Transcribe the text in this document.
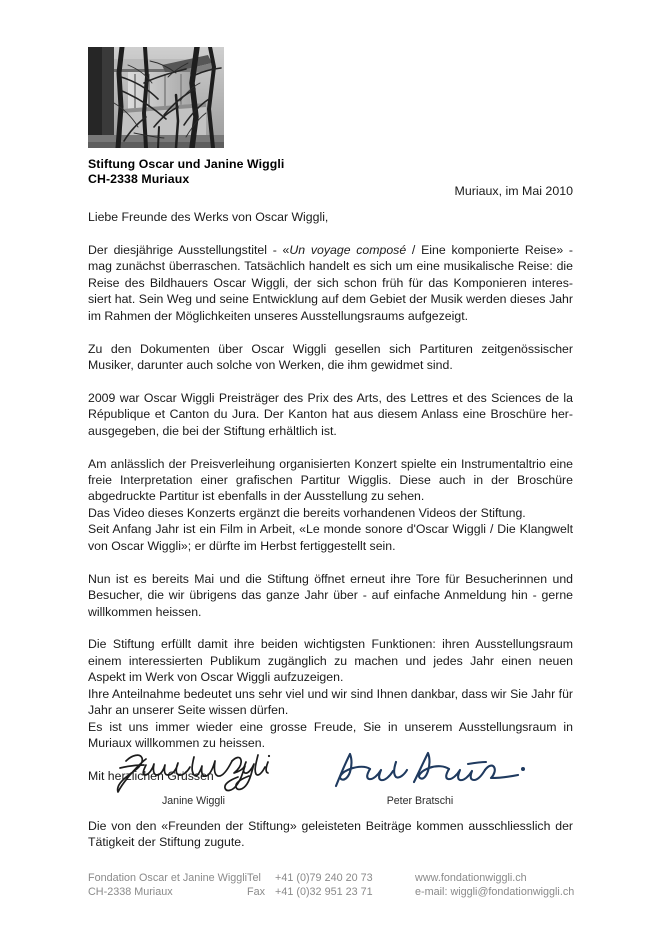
Stiftung Oscar und Janine Wiggli
CH-2338 Muriaux
Muriaux, im Mai 2010

Liebe Freunde des Werks von Oscar Wiggli,

Der diesjährige Ausstellungstitel - «Un voyage composé / Eine komponierte Reise» - mag zunächst überraschen. Tatsächlich handelt es sich um eine musikalische Reise: die Reise des Bildhauers Oscar Wiggli, der sich schon früh für das Komponieren interes-siert hat. Sein Weg und seine Entwicklung auf dem Gebiet der Musik werden dieses Jahr im Rahmen der Möglichkeiten unseres Ausstellungsraums aufgezeigt.

Zu den Dokumenten über Oscar Wiggli gesellen sich Partituren zeitgenössischer Musiker, darunter auch solche von Werken, die ihm gewidmet sind.

2009 war Oscar Wiggli Preisträger des Prix des Arts, des Lettres et des Sciences de la République et Canton du Jura. Der Kanton hat aus diesem Anlass eine Broschüre her-ausgegeben, die bei der Stiftung erhältlich ist.

Am anlässlich der Preisverleihung organisierten Konzert spielte ein Instrumentaltrio eine freie Interpretation einer grafischen Partitur Wigglis. Diese auch in der Broschüre abgedruckte Partitur ist ebenfalls in der Ausstellung zu sehen.

Das Video dieses Konzerts ergänzt die bereits vorhandenen Videos der Stiftung.

Seit Anfang Jahr ist ein Film in Arbeit, «Le monde sonore d'Oscar Wiggli / Die Klangwelt von Oscar Wiggli»; er dürfte im Herbst fertiggestellt sein.

Nun ist es bereits Mai und die Stiftung öffnet erneut ihre Tore für Besucherinnen und Besucher, die wir übrigens das ganze Jahr über - auf einfache Anmeldung hin - gerne willkommen heissen.

Die Stiftung erfüllt damit ihre beiden wichtigsten Funktionen: ihren Ausstellungsraum einem interessierten Publikum zugänglich zu machen und jedes Jahr einen neuen Aspekt im Werk von Oscar Wiggli aufzuzeigen.

Ihre Anteilnahme bedeutet uns sehr viel und wir sind Ihnen dankbar, dass wir Sie Jahr für Jahr an unserer Seite wissen dürfen.

Es ist uns immer wieder eine grosse Freude, Sie in unserem Ausstellungsraum in Muriaux willkommen zu heissen.

Mit herzlichen Grüssen

Janine Wiggli	Peter Bratschi
Die von den «Freunden der Stiftung» geleisteten Beiträge kommen ausschliesslich der Tätigkeit der Stiftung zugute.
Fondation Oscar et Janine Wiggli
CH-2338 Muriaux
Tel	+41 (0)79 240 20 73
Fax +41 (0)32 951 23 71
www.fondationwiggli.ch
e-mail: wiggli@fondationwiggli.ch
